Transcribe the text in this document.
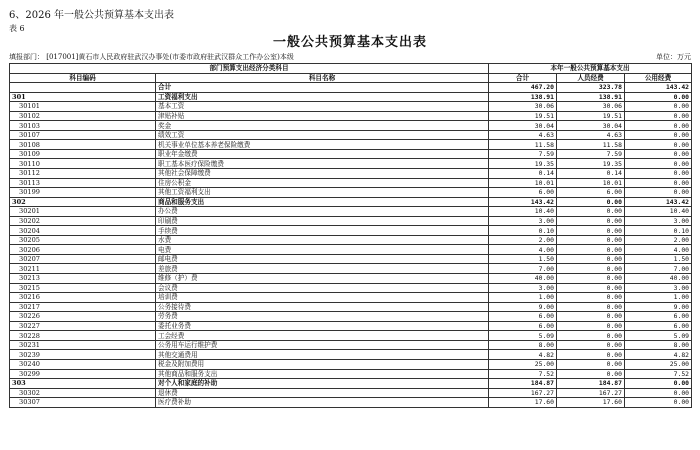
6、2026 年一般公共预算基本支出表
表 6
一般公共预算基本支出表
填报部门： [017001]黄石市人民政府驻武汉办事处(市委市政府驻武汉群众工作办公室)本级	单位：万元
部门预算支出经济分类科目		本年一般公共预算基本支出		
科目编码	科目名称	合计	人员经费	公用经费
	合计	467.20	323.78	143.42
301	工资福利支出	138.91	138.91	0.00
30101	基本工资	30.06	30.06	0.00
30102	津贴补贴	19.51	19.51	0.00
30103	奖金	30.04	30.04	0.00
30107	绩效工资	4.63	4.63	0.00
30108	机关事业单位基本养老保险缴费	11.58	11.58	0.00
30109	职业年金缴费	7.59	7.59	0.00
30110	职工基本医疗保险缴费	19.35	19.35	0.00
30112	其他社会保障缴费	0.14	0.14	0.00
30113	住房公积金	10.01	10.01	0.00
30199	其他工资福利支出	6.00	6.00	0.00
302	商品和服务支出	143.42	0.00	143.42
30201	办公费	10.40	0.00	10.40
30202	印刷费	3.00	0.00	3.00
30204	手续费	0.10	0.00	0.10
30205	水费	2.00	0.00	2.00
30206	电费	4.00	0.00	4.00
30207	邮电费	1.50	0.00	1.50
30211	差旅费	7.00	0.00	7.00
30213	维修（护）费	40.00	0.00	40.00
30215	会议费	3.00	0.00	3.00
30216	培训费	1.00	0.00	1.00
30217	公务接待费	9.00	0.00	9.00
30226	劳务费	6.00	0.00	6.00
30227	委托业务费	6.00	0.00	6.00
30228	工会经费	5.09	0.00	5.09
30231	公务用车运行维护费	8.00	0.00	8.00
30239	其他交通费用	4.82	0.00	4.82
30240	税金及附加费用	25.00	0.00	25.00
30299	其他商品和服务支出	7.52	0.00	7.52
303	对个人和家庭的补助	184.87	184.87	0.00
30302	退休费	167.27	167.27	0.00
30307	医疗费补助	17.60	17.60	0.00
